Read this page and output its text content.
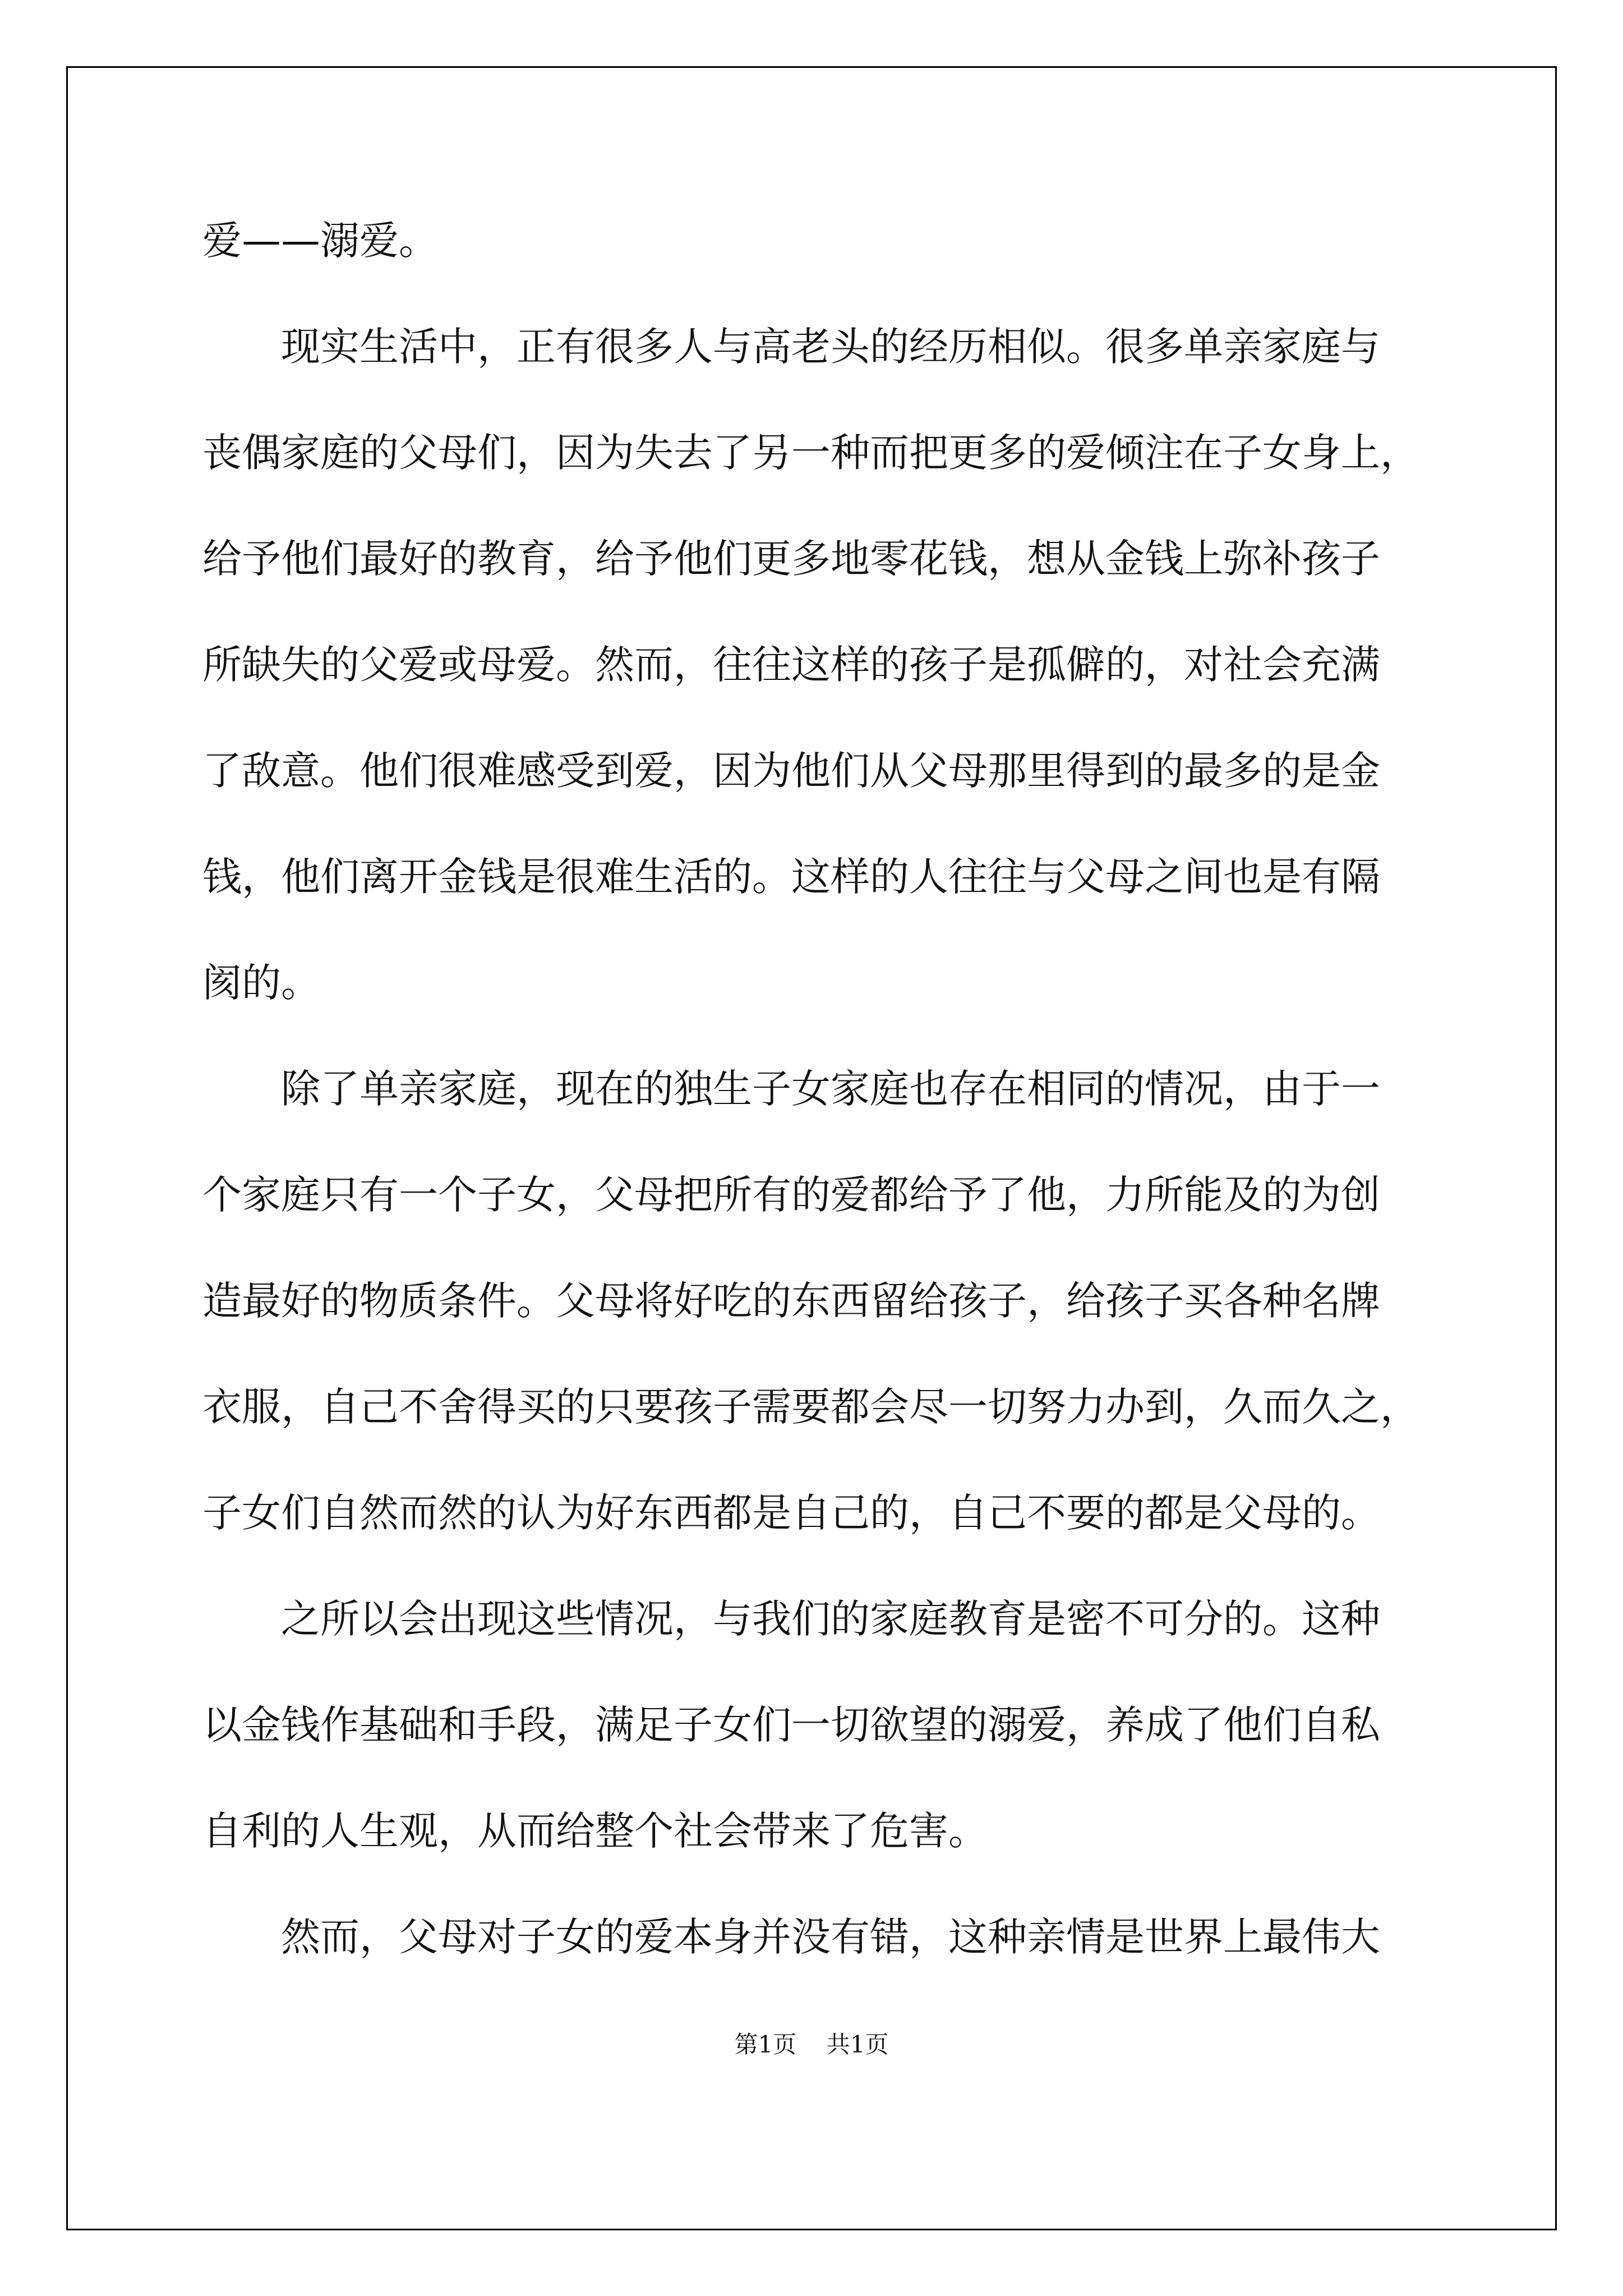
爱——溺爱。
　　现实生活中，正有很多人与高老头的经历相似。很多单亲家庭与
丧偶家庭的父母们，因为失去了另一种而把更多的爱倾注在子女身上，
给予他们最好的教育，给予他们更多地零花钱，想从金钱上弥补孩子
所缺失的父爱或母爱。然而，往往这样的孩子是孤僻的，对社会充满
了敌意。他们很难感受到爱，因为他们从父母那里得到的最多的是金
钱，他们离开金钱是很难生活的。这样的人往往与父母之间也是有隔
阂的。
　　除了单亲家庭，现在的独生子女家庭也存在相同的情况，由于一
个家庭只有一个子女，父母把所有的爱都给予了他，力所能及的为创
造最好的物质条件。父母将好吃的东西留给孩子，给孩子买各种名牌
衣服，自己不舍得买的只要孩子需要都会尽一切努力办到，久而久之，
子女们自然而然的认为好东西都是自己的，自己不要的都是父母的。
　　之所以会出现这些情况，与我们的家庭教育是密不可分的。这种
以金钱作基础和手段，满足子女们一切欲望的溺爱，养成了他们自私
自利的人生观，从而给整个社会带来了危害。
　　然而，父母对子女的爱本身并没有错，这种亲情是世界上最伟大
第1页 共1页
